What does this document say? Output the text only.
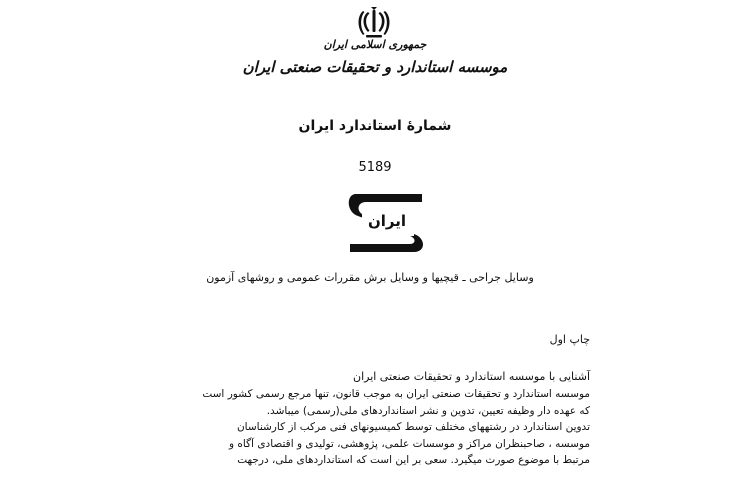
جمهوری اسلامی ایران
موسسه استاندارد و تحقیقات صنعتی ایران
شمارۀ استاندارد ایران
5189
ایران
وسایل جراحی ـ قیچیها و وسایل برش مقررات عمومی و روشهای آزمون
چاپ اول
آشنایی با موسسه استاندارد و تحقیقات صنعتی ایران
موسسه استاندارد و تحقیقات صنعتی ایران به موجب قانون، تنها مرجع رسمی کشور است
که عهده دار وظیفه تعیین، تدوین و نشر استانداردهای ملی(رسمی) میباشد.
تدوین استاندارد در رشتههای مختلف توسط کمیسیونهای فنی مرکب از کارشناسان
موسسه ، صاحبنظران مراکز و موسسات علمی، پژوهشی، تولیدی و اقتصادی آگاه و
مرتبط با موضوع صورت میگیرد. سعی بر این است که استانداردهای ملی، درجهت
